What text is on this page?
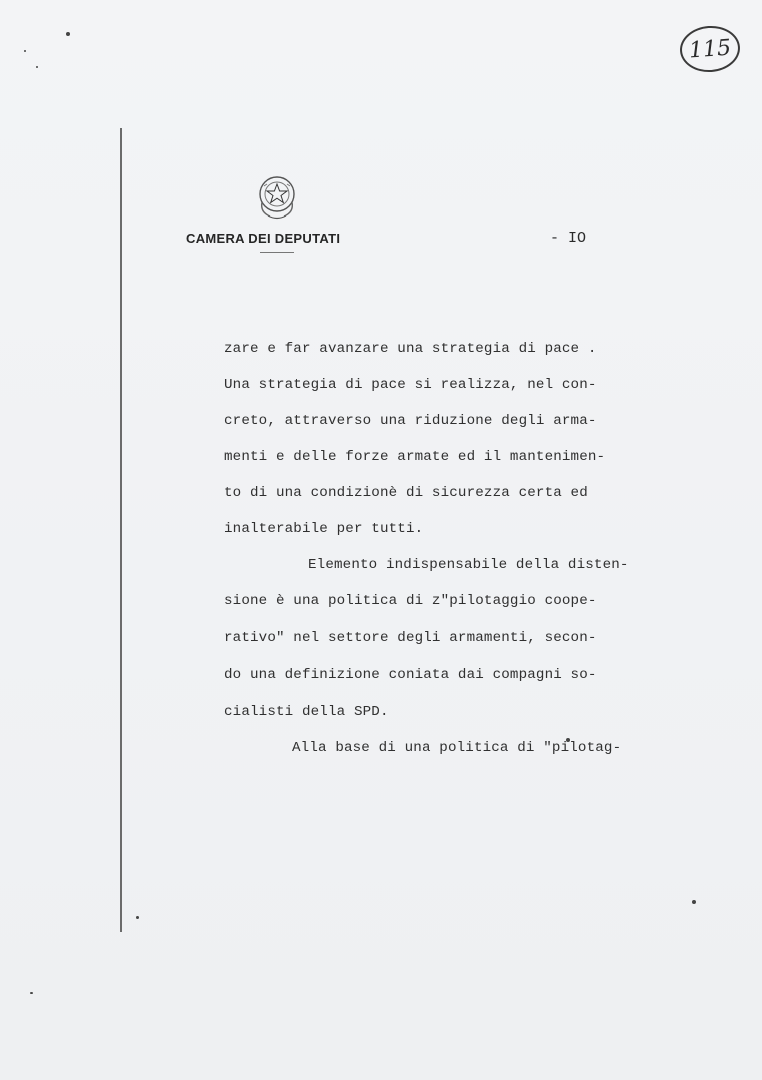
115
CAMERA DEI DEPUTATI	- IO
zare e far avanzare una strategia di pace .
Una strategia di pace si realizza, nel con-
creto, attraverso una riduzione degli arma-
menti e delle forze armate ed il mantenimen-
to di una condizionè di sicurezza certa ed
inalterabile per tutti.
Elemento indispensabile della disten-
sione è una politica di z"pilotaggio coope-
rativo" nel settore degli armamenti, secon-
do una definizione coniata dai compagni so-
cialisti della SPD.
Alla base di una politica di "pilotag-
